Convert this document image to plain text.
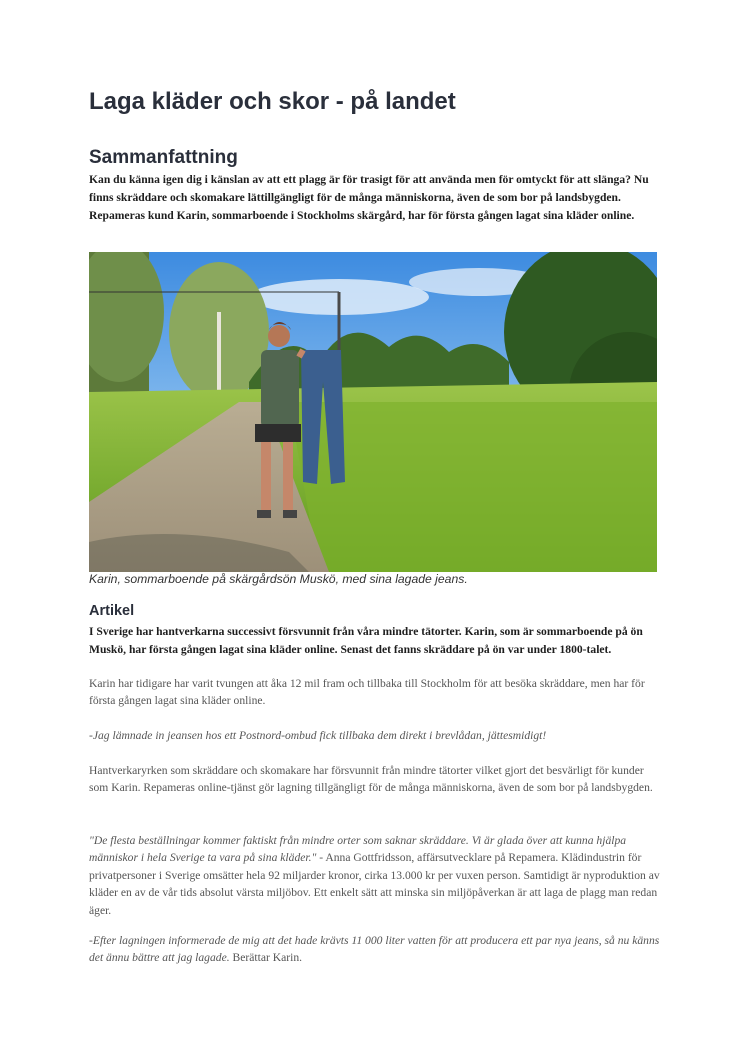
Laga kläder och skor - på landet
Sammanfattning

Kan du känna igen dig i känslan av att ett plagg är för trasigt för att använda men för omtyckt för att slänga? Nu finns skräddare och skomakare lättillgängligt för de många människorna, även de som bor på landsbygden. Repameras kund Karin, sommarboende i Stockholms skärgård, har för första gången lagat sina kläder online.

Karin, sommarboende på skärgårdsön Muskö, med sina lagade jeans.

Artikel

I Sverige har hantverkarna successivt försvunnit från våra mindre tätorter. Karin, som är sommarboende på ön Muskö, har första gången lagat sina kläder online. Senast det fanns skräddare på ön var under 1800-talet.

Karin har tidigare har varit tvungen att åka 12 mil fram och tillbaka till Stockholm för att besöka skräddare, men har för första gången lagat sina kläder online.

-Jag lämnade in jeansen hos ett Postnord-ombud fick tillbaka dem direkt i brevlådan, jättesmidigt!

Hantverkaryrken som skräddare och skomakare har försvunnit från mindre tätorter vilket gjort det besvärligt för kunder som Karin. Repameras online-tjänst gör lagning tillgängligt för de många människorna, även de som bor på landsbygden.

"De flesta beställningar kommer faktiskt från mindre orter som saknar skräddare. Vi är glada över att kunna hjälpa människor i hela Sverige ta vara på sina kläder." - Anna Gottfridsson, affärsutvecklare på Repamera. Klädindustrin för privatpersoner i Sverige omsätter hela 92 miljarder kronor, cirka 13.000 kr per vuxen person. Samtidigt är nyproduktion av kläder en av de vår tids absolut värsta miljöbov. Ett enkelt sätt att minska sin miljöpåverkan är att laga de plagg man redan äger.

-Efter lagningen informerade de mig att det hade krävts 11 000 liter vatten för att producera ett par nya jeans, så nu känns det ännu bättre att jag lagade. Berättar Karin.
